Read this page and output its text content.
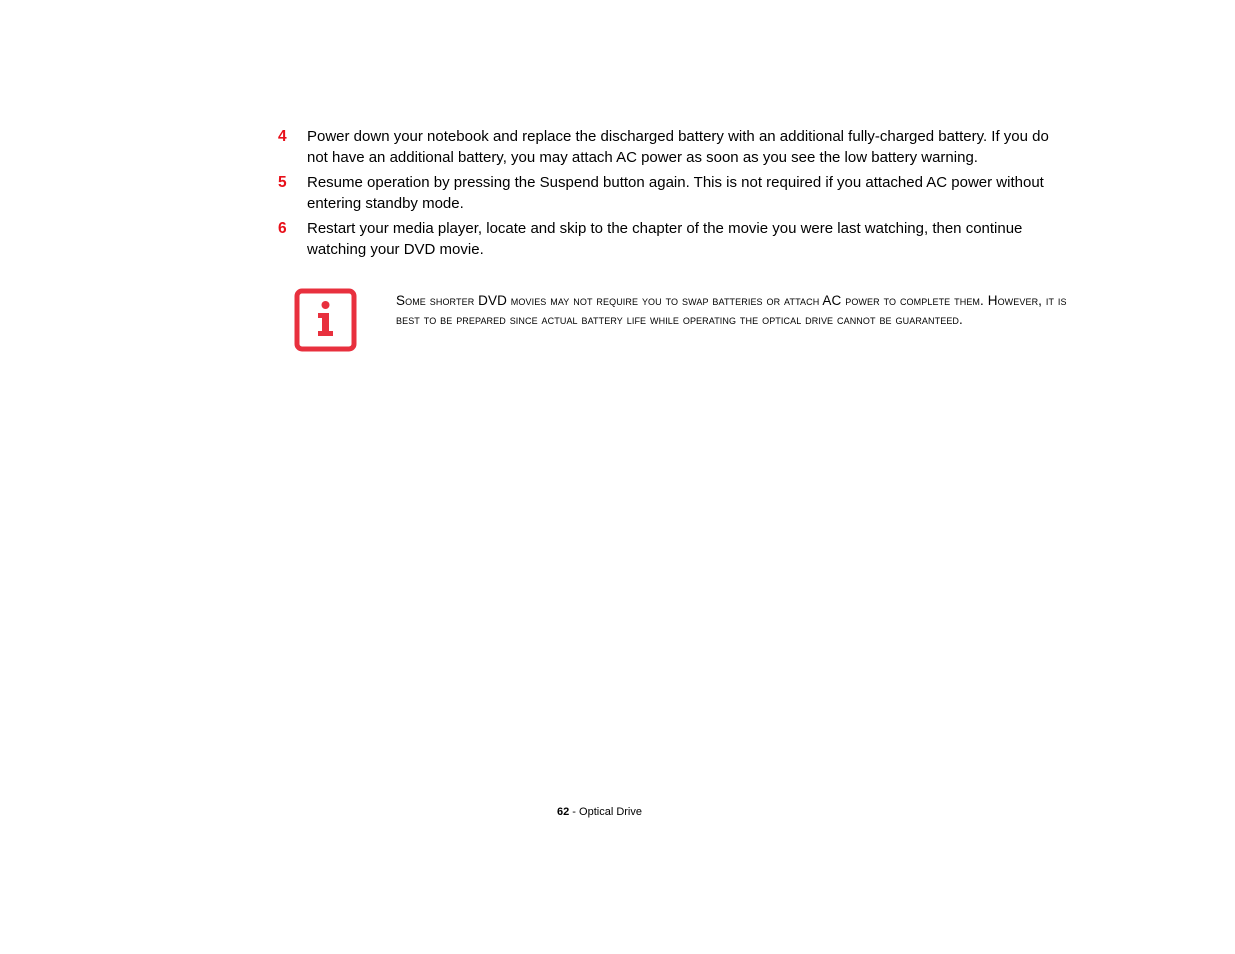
4 Power down your notebook and replace the discharged battery with an additional fully-charged battery. If you do not have an additional battery, you may attach AC power as soon as you see the low battery warning.
5 Resume operation by pressing the Suspend button again. This is not required if you attached AC power without entering standby mode.
6 Restart your media player, locate and skip to the chapter of the movie you were last watching, then continue watching your DVD movie.
Some shorter DVD movies may not require you to swap batteries or attach AC power to complete them. However, it is best to be prepared since actual battery life while operating the optical drive cannot be guaranteed.
62 - Optical Drive
